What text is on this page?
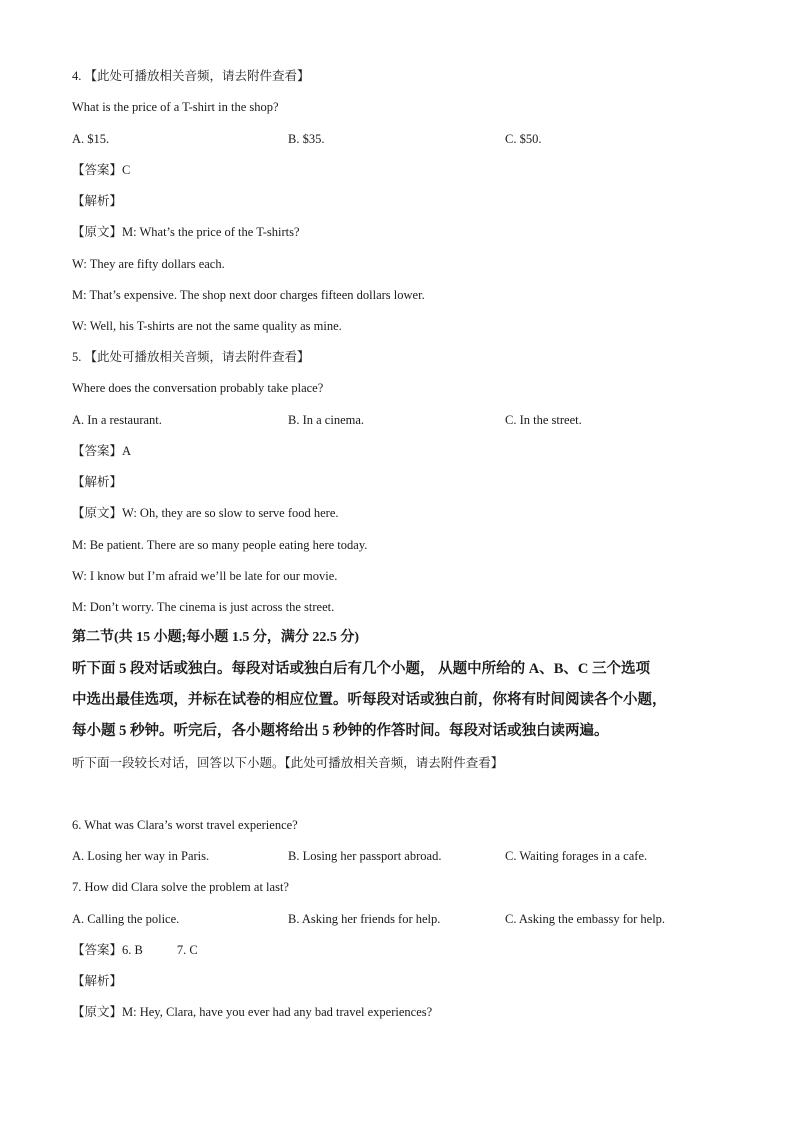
4. 【此处可播放相关音频，请去附件查看】
What is the price of a T-shirt in the shop?
A. $15.	B. $35.	C. $50.
【答案】C
【解析】
【原文】M: What’s the price of the T-shirts?
W: They are fifty dollars each.
M: That’s expensive. The shop next door charges fifteen dollars lower.
W: Well, his T-shirts are not the same quality as mine.
5. 【此处可播放相关音频，请去附件查看】
Where does the conversation probably take place?
A. In a restaurant.	B. In a cinema.	C. In the street.
【答案】A
【解析】
【原文】W: Oh, they are so slow to serve food here.
M: Be patient. There are so many people eating here today.
W: I know but I’m afraid we’ll be late for our movie.
M: Don’t worry. The cinema is just across the street.
第二节(共 15 小题;每小题 1.5 分，满分 22.5 分)
听下面 5 段对话或独白。每段对话或独白后有几个小题， 从题中所给的 A、B、C 三个选项
中选出最佳选项，并标在试卷的相应位置。听每段对话或独白前，你将有时间阅读各个小题，
每小题 5 秒钟。听完后，各小题将给出 5 秒钟的作答时间。每段对话或独白读两遍。
听下面一段较长对话，回答以下小题。【此处可播放相关音频，请去附件查看】
6. What was Clara’s worst travel experience?
A. Losing her way in Paris.	B. Losing her passport abroad.	C. Waiting forages in a cafe.
7. How did Clara solve the problem at last?
A. Calling the police.	B. Asking her friends for help.	C. Asking the embassy for help.
【答案】6. B	7. C
【解析】
【原文】M: Hey, Clara, have you ever had any bad travel experiences?
